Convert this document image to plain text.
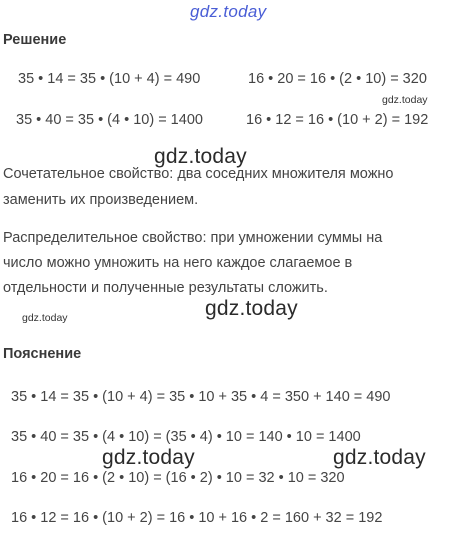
gdz.today
Решение
35 • 14 = 35 • (10 + 4) = 490	16 • 20 = 16 • (2 • 10) = 320
35 • 40 = 35 • (4 • 10) = 1400	16 • 12 = 16 • (10 + 2) = 192
gdz.today
gdz.today
Сочетательное свойство: два соседних множителя можно
заменить их произведением.
Распределительное свойство: при умножении суммы на
число можно умножить на него каждое слагаемое в
отдельности и полученные результаты сложить.
gdz.today
gdz.today
Пояснение
35 • 14 = 35 • (10 + 4) = 35 • 10 + 35 • 4 = 350 + 140 = 490
35 • 40 = 35 • (4 • 10) = (35 • 4) • 10 = 140 • 10 = 1400
gdz.today	gdz.today
16 • 20 = 16 • (2 • 10) = (16 • 2) • 10 = 32 • 10 = 320
16 • 12 = 16 • (10 + 2) = 16 • 10 + 16 • 2 = 160 + 32 = 192
